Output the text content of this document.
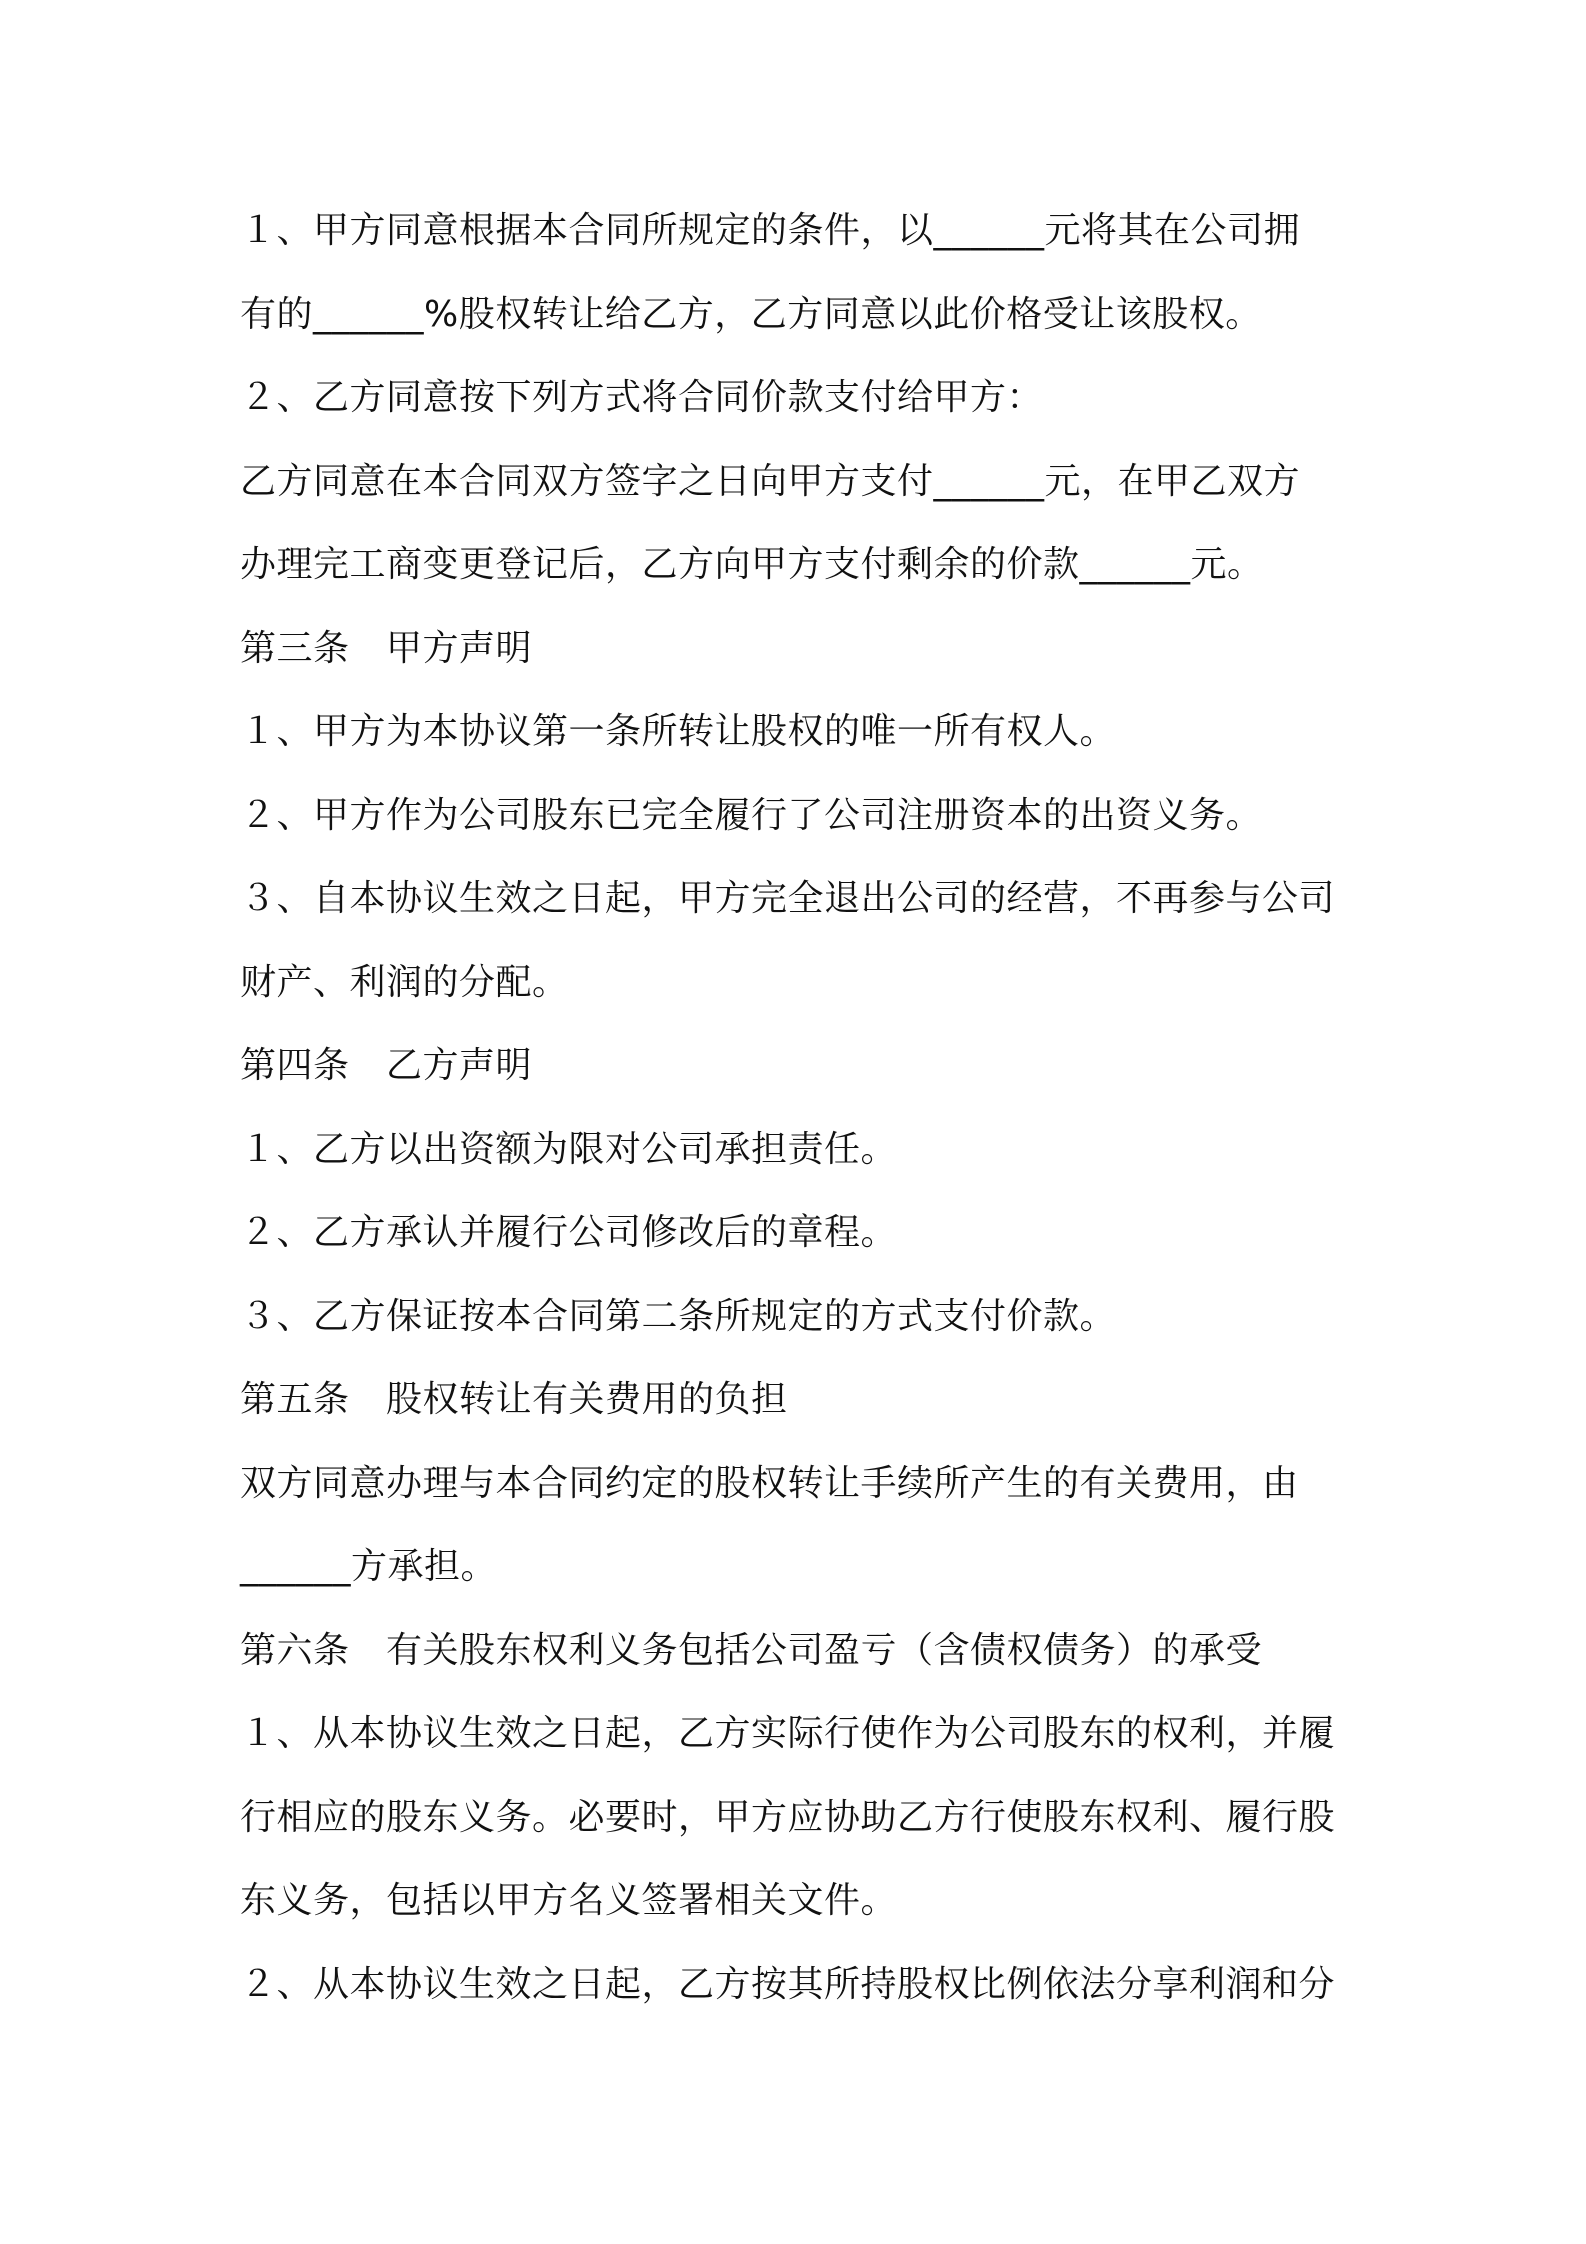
１、甲方同意根据本合同所规定的条件，以______元将其在公司拥
有的______%股权转让给乙方，乙方同意以此价格受让该股权。
２、乙方同意按下列方式将合同价款支付给甲方：
乙方同意在本合同双方签字之日向甲方支付______元，在甲乙双方
办理完工商变更登记后，乙方向甲方支付剩余的价款______元。
第三条　甲方声明
１、甲方为本协议第一条所转让股权的唯一所有权人。
２、甲方作为公司股东已完全履行了公司注册资本的出资义务。
３、自本协议生效之日起，甲方完全退出公司的经营，不再参与公司
财产、利润的分配。
第四条　乙方声明
１、乙方以出资额为限对公司承担责任。
２、乙方承认并履行公司修改后的章程。
３、乙方保证按本合同第二条所规定的方式支付价款。
第五条　股权转让有关费用的负担
双方同意办理与本合同约定的股权转让手续所产生的有关费用，由
______方承担。
第六条　有关股东权利义务包括公司盈亏（含债权债务）的承受
１、从本协议生效之日起，乙方实际行使作为公司股东的权利，并履
行相应的股东义务。必要时，甲方应协助乙方行使股东权利、履行股
东义务，包括以甲方名义签署相关文件。
２、从本协议生效之日起，乙方按其所持股权比例依法分享利润和分
